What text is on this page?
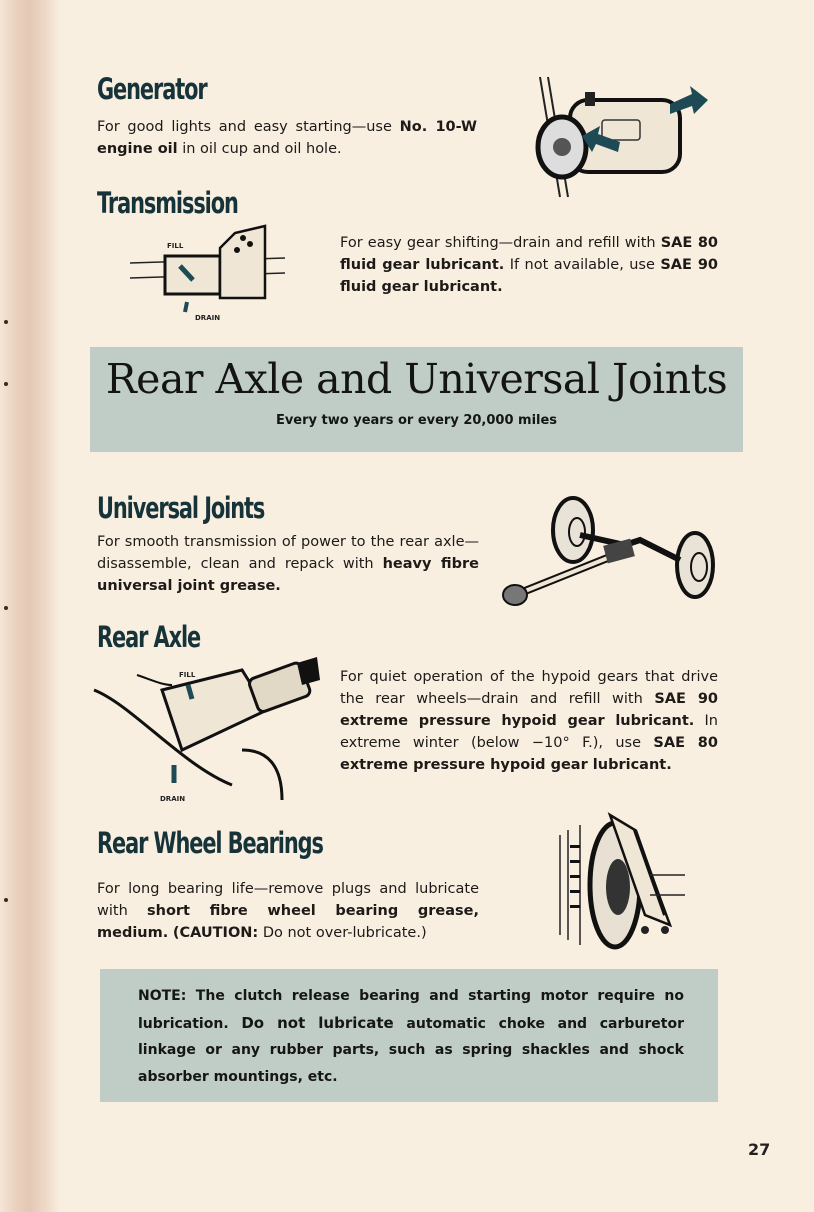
Generator
For good lights and easy starting—use No. 10-W engine oil in oil cup and oil hole.
Transmission
FILL
DRAIN
For easy gear shifting—drain and refill with SAE 80 fluid gear lubricant. If not available, use SAE 90 fluid gear lubricant.
Rear Axle and Universal Joints
Every two years or every 20,000 miles
Universal Joints
For smooth transmission of power to the rear axle—disassemble, clean and repack with heavy fibre universal joint grease.
Rear Axle
FILL
DRAIN
For quiet operation of the hypoid gears that drive the rear wheels—drain and refill with SAE 90 extreme pressure hypoid gear lubricant. In extreme winter (below −10° F.), use SAE 80 extreme pressure hypoid gear lubricant.
Rear Wheel Bearings
For long bearing life—remove plugs and lubricate with short fibre wheel bearing grease, medium. (CAUTION: Do not over-lubricate.)
NOTE: The clutch release bearing and starting motor require no lubrication. Do not lubricate automatic choke and carburetor linkage or any rubber parts, such as spring shackles and shock absorber mountings, etc.
27
